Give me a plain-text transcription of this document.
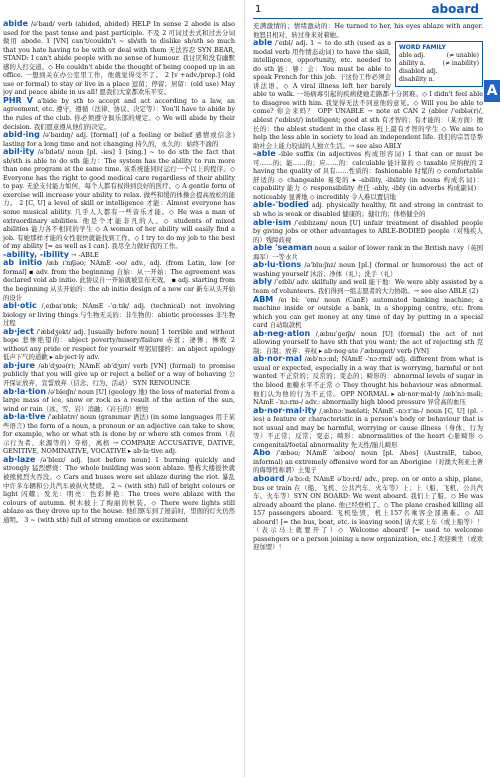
1	aboard
A

abide /əˈbaɪd/ verb (abided, abided) HELP In sense 2 abode is also used for the past tense and past participle. 不及 2 可词过去式和过去分词做用 abode. 1 [VN] can't/couldn't ~ sb/sth to dislike sb/sth so much that you hate having to be with or deal with them 无法容忍 SYN BEAR, STAND: I can't abide people with no sense of humour. 我讨厌和没有幽默感的人打交道。◇ He couldn't abide the thought of being cooped up in an office. 一想到关在办公室里工作，他就觉得受不了。 2 [v +adv./prep.] (old use or formal) to stay or live in a place 逗留；停留；居留：(old use) May joy and peace abide in us all! 愿我们大家都欢乐平安。

PHR V a'bide by sth to accept and act according to a law, an agreement, etc. 遵守，遵循（法律、协议、决定等）：You'll have to abide by the rules of the club. 你必须遵守俱乐部的规定。◇ We will abide by their decision. 我们愿意遵从他们的决定。

abid·ing /əˈbaɪdɪŋ/ adj. [formal] (of a feeling or belief 感情或信念) lasting for a long time and not changing 持久的，永久的：始终不渝的

abil·ity /əˈbɪləti/ noun [pl. -ies] 1 [sing.] ~ to do sth the fact that sb/sth is able to do sth 能力：The system has the ability to run more than one program at the same time. 该系统能同时运行一个以上的程序。◇ Everyone has the right to good medical care regardless of their ability to pay. 无论支付能力如何，每个人都有权得到良好的医疗。◇ A gentle form of exercise will increase your ability to relax. 做些和缓的体操会提高放松的能力。 2 [C, U] a level of skill or intelligence 才能：Almost everyone has some musical ability. 几乎人人都有一些音乐才能。◇ He was a man of extraordinary abilities. 他是个才能非凡的人。◇ students of mixed abilities 能力各不相同的学生 ◇ A woman of her ability will easily find a job. 有她那样才能的女性很快就能找到工作。◇ I try to do my job to the best of my ability [= as well as I can]. 我尽全力做好我的工作。

-ability, -ibility → -ABLE

ab initio /æb ɪˈnɪʃiəʊ; NAmE -oʊ/ adv., adj. (from Latin, law [or formal] ▪ adv. from the beginning 自始：从一开始：The agreement was declared void ab initio. 此协议自一开始就被宣布无效。 ▪ adj. starting from the beginning 从头开始的：the ab initio design of a new car 新车从头开始的设计

abi·otic /ˌeɪbaɪˈɒtɪk; NAmE -ˈɑːtɪk/ adj. (technical) not involving biology or living things 与生物无关的：非生物的：abiotic processes 非生物过程

ab·ject /ˈæbdʒekt/ adj. [usually before noun] 1 terrible and without hope 悲惨绝望的：abject poverty/misery/failure 赤贫；凄惨；惨败 2 without any pride or respect for yourself 卑躬屈膝的：an abject apology 低声下气的道歉 ▸ ab·ject·ly adv.

ab·jure /əbˈdʒʊə(r); NAmE əbˈdʒʊr/ verb [VN] (formal) to promise publicly that you will give up or reject a belief or a way of behaving 公开保证放弃，宣誓放弃（信念、行为、活动） SYN RENOUNCE

ab·la·tion /əˈbleɪʃn/ noun [U] (geology 地) the loss of material from a large mass of ice, snow or rock as a result of the action of the sun, wind or rain（冰、雪、岩）消融；（岩石的）磨蚀

ab·la·tive /ˈæblətɪv/ noun (grammar 语法) (in some languages 用于某些语言) the form of a noun, a pronoun or an adjective can take to show, for example, who or what sth is done by or where sth comes from（表示行为者、来源等的）夺格，离格 → COMPARE ACCUSATIVE, DATIVE, GENITIVE, NOMINATIVE, VOCATIVE ▸ ab·la·tive adj.

ab·laze /əˈbleɪz/ adj. [not before noun] 1 burning quickly and strongly 猛烈燃烧：The whole building was soon ablaze. 整栋大楼很快就被熊熊烈火吞没。◇ Cars and buses were set ablaze during the riot. 暴乱中许多车辆和公共汽车被纵火焚烧。 2 ~ (with sth) full of bright colours or light 闪耀；发光：明亮：色彩鲜艳：The trees were ablaze with the colours of autumn. 树木披上了绚丽的秋装。◇ There were lights still ablaze as they drove up to the house. 他们驱车到了屋前时，里面的灯火仍然通明。 3 ~ (with sth) full of strong emotion or excitement

充满激情的；情绪激动的：He turned to her, his eyes ablaze with anger. 他怒目相对，转过身来对着她。

WORD FAMILY
able adj.	(≠ unable)
ability n.	(≠ inability)
disabled adj.
disability n.

able /ˈeɪbl/ adj. 1 ~ to do sth (used as a modal verb 用作情态动词) to have the skill, intelligence, opportunity, etc. needed to do sth 能：够：会：You must be able to speak French for this job. 干这份工作必须会讲法语。◇ A viral illness left her barely able to walk. 一场病毒引起的疾病使她走路都十分困难。◇ I didn't feel able to disagree with him. 我觉得无法不同意他的意见。◇ Will you be able to come? 你会来吗？ OPP UNABLE → note at CAN 2 (abler /ˈeɪblə(r)/, ablest /ˈeɪblɪst/) intelligent; good at sth 有才智的；有才能的：（某方面）擅长的：the ablest student in the class 班上最有才智的学生 ◇ We aim to help the less able in society to lead an independent life. 我们的宗旨是帮助社会上能力较弱的人独立生活。→ see also ABLY

-able -ible suffix (in adjectives 构成形容词) 1 that can or must be 可……的；能……的；应……的：calculable 能计算的 ◇ taxable 应纳税的 2 having the quality of 具有……性质的：fashionable 时髦的 ◇ comfortable 舒适的 ◇ changeable 易变的 ▸ -ability, -ibility (in nouns 构成名词)：capability 能力 ◇ responsibility 责任 -ably, -ibly (in adverbs 构成副词)：noticeably 显著地 ◇ incredibly 令人难以置信地

able-'bodied adj. physically healthy, fit and strong in contrast to sb who is weak or disabled 健康的；健壮的；体格健全的

able·ism /ˈeɪblɪzəm/ noun [U] unfair treatment of disabled people by giving jobs or other advantages to ABLE-BODIED people（对残疾人的）残障歧视

able 'seaman noun a sailor of lower rank in the British navy（英国海军）一等水兵

ab·lu·tions /əˈbluːʃnz/ noun [pl.] (formal or humorous) the act of washing yourself 沐浴；净体（礼）；洗手（礼）

ably /ˈeɪbli/ adv. skilfully and well 能干地：We were ably assisted by a team of volunteers. 我们得到一组志愿者的大力协助。→ see also ABLE (2)

ABM /eɪ biː ˈem/ noun (CanE) automated banking machine; a machine inside or outside a bank, in a shopping centre, etc. from which you can get money at any time of day by putting in a special card 自动取款机

ab·neg·ation /ˌæbnɪˈɡeɪʃn/ noun [U] (formal) the act of not allowing yourself to have sth that you want; the act of rejecting sth 克制；自制；放弃：弃权 ▸ ab·neg·ate /ˈæbnɪɡeɪt/ verb [VN]

ab·nor·mal /æbˈnɔːml; NAmE -ˈnɔːrml/ adj. different from what is usual or expected, especially in a way that is worrying, harmful or not wanted 不正常的；反常的；变态的；畸形的：abnormal levels of sugar in the blood 血糖水平不正常 ◇ They thought his behaviour was abnormal. 他们认为他的行为不正常。OPP NORMAL ▸ ab·nor·mal·ly /æbˈnɔːməli; NAmE -ˈnɔːrm-/ adv.: abnormally high blood pressure 异常高的血压

ab·nor·mal·ity /ˌæbnɔːˈmæləti; NAmE -nɔːrˈm-/ noun [C, U] (pl. -ies) a feature or characteristic in a person's body or behaviour that is not usual and may be harmful, worrying or cause illness（身体、行为等）不正常；反常；变态；畸形：abnormalities of the heart 心脏畸形 ◇ congenital/foetal abnormality 先天性/胎儿畸形

Abo /ˈæbəʊ; NAmE ˈæboʊ/ noun [pl. Abos] (AustralE, taboo, informal) an extremely offensive word for an Aborigine（对澳大利亚土著的侮辱性称谓）土鬼子

aboard /əˈbɔːd; NAmE əˈbɔːrd/ adv., prep. on or onto a ship, plane, bus or train 在（船、飞机、公共汽车、火车等）上；上（船、飞机、公共汽车、火车等）SYN ON BOARD: We went aboard. 我们上了船。◇ He was already aboard the plane. 他已经登机了。◇ The plane crashed killing all 157 passengers aboard. 飞机坠毁，机上157名乘客全部遇难。◇ All aboard! [= the bus, boat, etc. is leaving soon] 请大家上车（或上船等）！（表示马上就要开了）◇ Welcome aboard! [= used to welcome passengers or a person joining a new organization, etc.] 欢迎乘坐（或欢迎加盟）！
